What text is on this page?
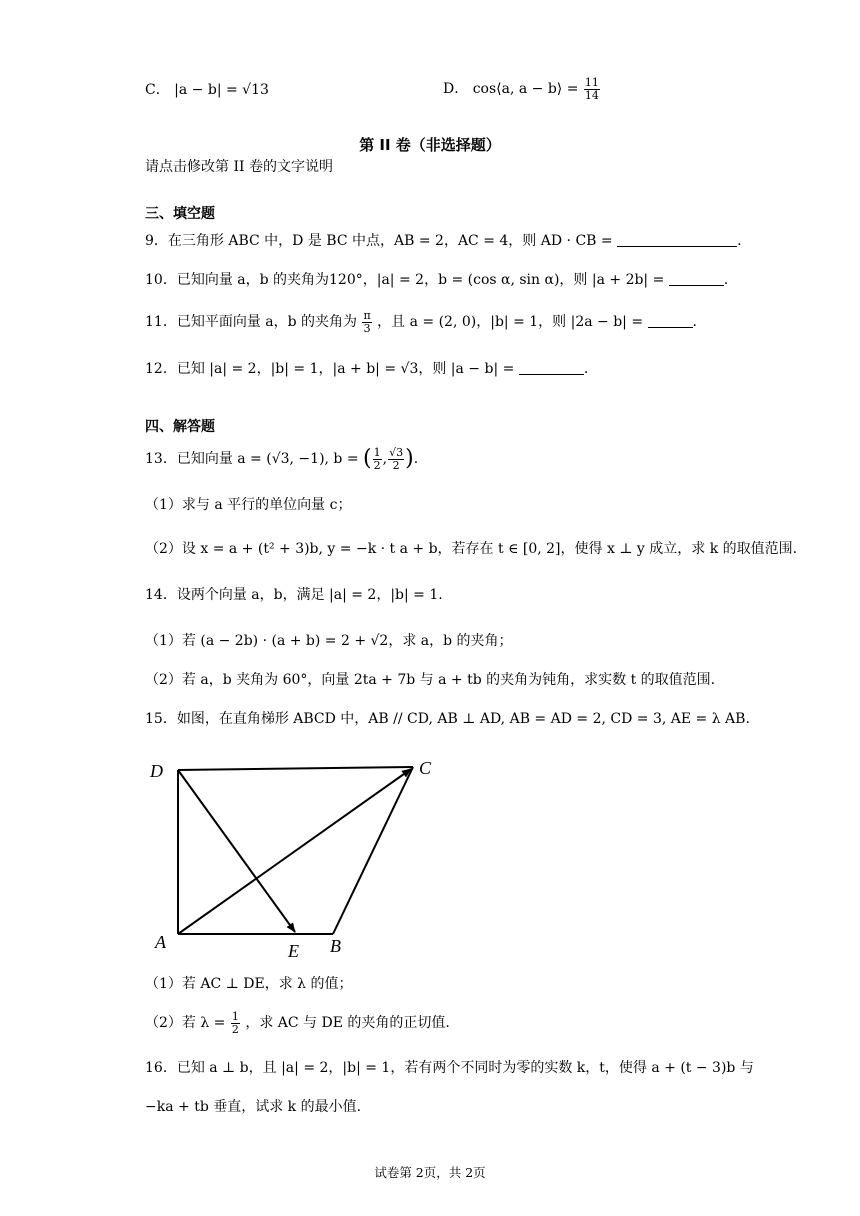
C． |a − b| = √13	D． cos⟨a, a − b⟩ = $\frac{11}{14}$
第 II 卷（非选择题）
请点击修改第 II 卷的文字说明
三、填空题
9．在三角形 ABC 中，D 是 BC 中点，AB = 2，AC = 4，则 AD · CB =	.
10．已知向量 a，b 的夹角为120°，|a| = 2，b = (cos α, sin α)，则 |a + 2b| =	.
11．已知平面向量 a，b 的夹角为 $\frac{\pi}{3}$ ，且 a = (2, 0)，|b| = 1，则 |2a − b| =	.
12．已知 |a| = 2，|b| = 1，|a + b| = √3，则 |a − b| =	.
四、解答题
13．已知向量 a = (√3, −1), b = ( $\frac{1}{2}$ , $\frac{√3}{2}$ ).
（1）求与 a 平行的单位向量 c；
（2）设 x = a + (t² + 3)b, y = −k · t a + b，若存在 t ∈ [0, 2]，使得 x ⊥ y 成立，求 k 的取值范围.
14．设两个向量 a，b，满足 |a| = 2，|b| = 1.
（1）若 (a − 2b) · (a + b) = 2 + √2，求 a，b 的夹角；
（2）若 a，b 夹角为 60°，向量 2ta + 7b 与 a + tb 的夹角为钝角，求实数 t 的取值范围.
15．如图，在直角梯形 ABCD 中，AB // CD, AB ⊥ AD, AB = AD = 2, CD = 3, AE = λ AB.
D	C
A	E B
（1）若 AC ⊥ DE，求 λ 的值；
（2）若 $\lambda = \frac{1}{2}$ ，求 AC 与 DE 的夹角的正切值.
16．已知 a ⊥ b，且 |a| = 2，|b| = 1，若有两个不同时为零的实数 k，t，使得 a + (t − 3)b 与
−ka + tb 垂直，试求 k 的最小值.
试卷第 2页，共 2页
